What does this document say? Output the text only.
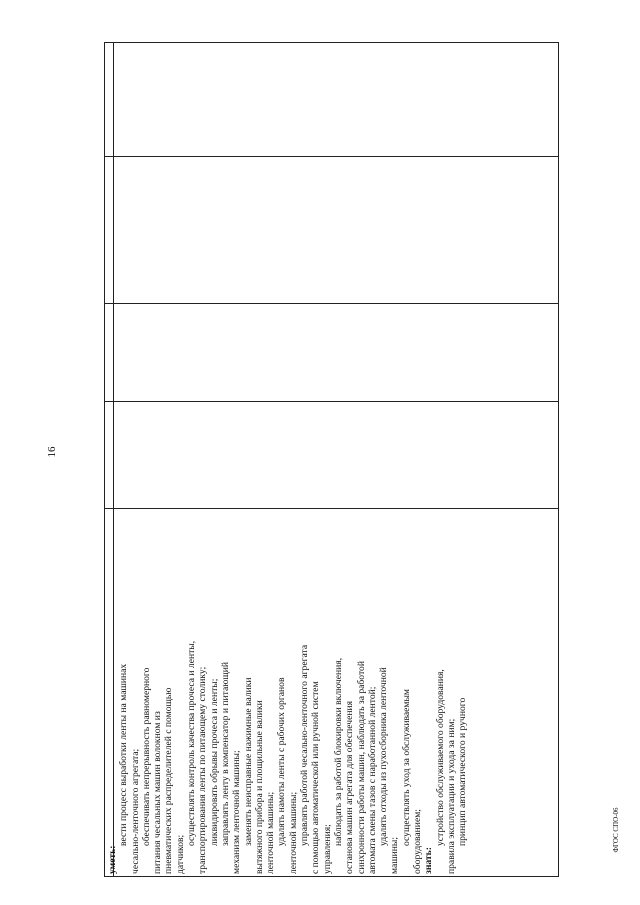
16
ФГОС СПО-06
уметь:
вести процесс выработки ленты на машинах чесально-ленточного агрегата; обеспечивать непрерывность равномерного питания чесальных машин волокном из пневматических распределителей с помощью датчиков;
осуществлять контроль качества прочеса и ленты, транспортирования ленты по питающему столику; ликвидировать обрывы прочеса и ленты; заправлять ленту в компенсатор и питающий механизм ленточной машины; заменять неисправные нажимные валики вытяжного прибора и площильные валики ленточной машины; удалять намоты ленты с рабочих органов ленточной машины; управлять работой чесально-ленточного агрегата с помощью автоматической или ручной систем управления;
наблюдать за работой блокировки включения, останова машин агрегата для обеспечения синхронности работы машин, наблюдать за работой автомата смены тазов с наработанной лентой; удалять отходы из пухосборника ленточной
машины;
осуществлять уход за обслуживаемым оборудованием; знать:
устройство обслуживаемого оборудования, правила эксплуатации и ухода за ним; принцип автоматического и ручного
